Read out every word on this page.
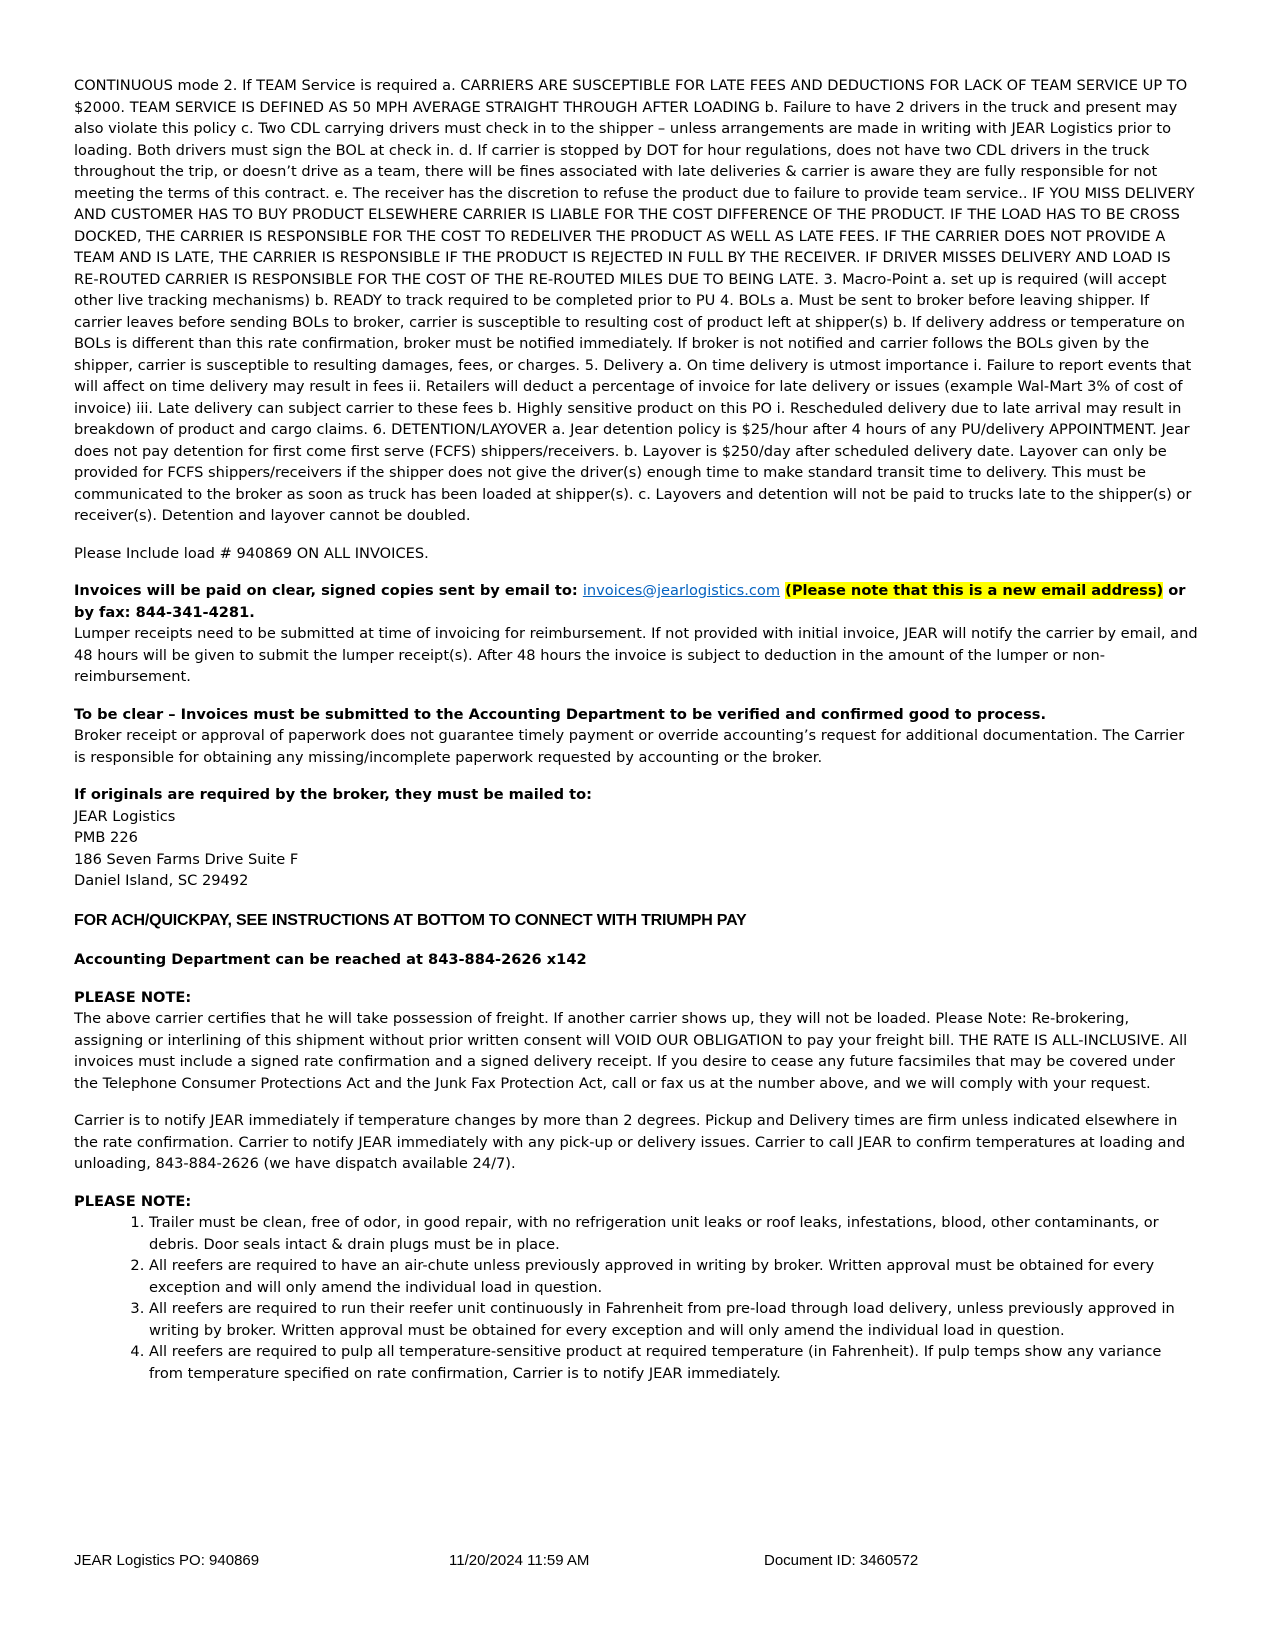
CONTINUOUS mode 2. If TEAM Service is required a. CARRIERS ARE SUSCEPTIBLE FOR LATE FEES AND DEDUCTIONS FOR LACK OF TEAM SERVICE UP TO $2000. TEAM SERVICE IS DEFINED AS 50 MPH AVERAGE STRAIGHT THROUGH AFTER LOADING b. Failure to have 2 drivers in the truck and present may also violate this policy c. Two CDL carrying drivers must check in to the shipper – unless arrangements are made in writing with JEAR Logistics prior to loading. Both drivers must sign the BOL at check in. d. If carrier is stopped by DOT for hour regulations, does not have two CDL drivers in the truck throughout the trip, or doesn’t drive as a team, there will be fines associated with late deliveries & carrier is aware they are fully responsible for not meeting the terms of this contract. e. The receiver has the discretion to refuse the product due to failure to provide team service.. IF YOU MISS DELIVERY AND CUSTOMER HAS TO BUY PRODUCT ELSEWHERE CARRIER IS LIABLE FOR THE COST DIFFERENCE OF THE PRODUCT. IF THE LOAD HAS TO BE CROSS DOCKED, THE CARRIER IS RESPONSIBLE FOR THE COST TO REDELIVER THE PRODUCT AS WELL AS LATE FEES. IF THE CARRIER DOES NOT PROVIDE A TEAM AND IS LATE, THE CARRIER IS RESPONSIBLE IF THE PRODUCT IS REJECTED IN FULL BY THE RECEIVER. IF DRIVER MISSES DELIVERY AND LOAD IS RE-ROUTED CARRIER IS RESPONSIBLE FOR THE COST OF THE RE-ROUTED MILES DUE TO BEING LATE. 3. Macro-Point a. set up is required (will accept other live tracking mechanisms) b. READY to track required to be completed prior to PU 4. BOLs a. Must be sent to broker before leaving shipper. If carrier leaves before sending BOLs to broker, carrier is susceptible to resulting cost of product left at shipper(s) b. If delivery address or temperature on BOLs is different than this rate confirmation, broker must be notified immediately. If broker is not notified and carrier follows the BOLs given by the shipper, carrier is susceptible to resulting damages, fees, or charges. 5. Delivery a. On time delivery is utmost importance i. Failure to report events that will affect on time delivery may result in fees ii. Retailers will deduct a percentage of invoice for late delivery or issues (example Wal-Mart 3% of cost of invoice) iii. Late delivery can subject carrier to these fees b. Highly sensitive product on this PO i. Rescheduled delivery due to late arrival may result in breakdown of product and cargo claims. 6. DETENTION/LAYOVER a. Jear detention policy is $25/hour after 4 hours of any PU/delivery APPOINTMENT. Jear does not pay detention for first come first serve (FCFS) shippers/receivers. b. Layover is $250/day after scheduled delivery date. Layover can only be provided for FCFS shippers/receivers if the shipper does not give the driver(s) enough time to make standard transit time to delivery. This must be communicated to the broker as soon as truck has been loaded at shipper(s). c. Layovers and detention will not be paid to trucks late to the shipper(s) or receiver(s). Detention and layover cannot be doubled.

Please Include load # 940869 ON ALL INVOICES.

Invoices will be paid on clear, signed copies sent by email to: invoices@jearlogistics.com (Please note that this is a new email address) or by fax: 844-341-4281.

Lumper receipts need to be submitted at time of invoicing for reimbursement. If not provided with initial invoice, JEAR will notify the carrier by email, and 48 hours will be given to submit the lumper receipt(s). After 48 hours the invoice is subject to deduction in the amount of the lumper or non-reimbursement.

To be clear – Invoices must be submitted to the Accounting Department to be verified and confirmed good to process.

Broker receipt or approval of paperwork does not guarantee timely payment or override accounting’s request for additional documentation. The Carrier is responsible for obtaining any missing/incomplete paperwork requested by accounting or the broker.

If originals are required by the broker, they must be mailed to:

JEAR Logistics

PMB 226

186 Seven Farms Drive Suite F

Daniel Island, SC 29492

FOR ACH/QUICKPAY, SEE INSTRUCTIONS AT BOTTOM TO CONNECT WITH TRIUMPH PAY

Accounting Department can be reached at 843-884-2626 x142

PLEASE NOTE:

The above carrier certifies that he will take possession of freight. If another carrier shows up, they will not be loaded. Please Note: Re-brokering, assigning or interlining of this shipment without prior written consent will VOID OUR OBLIGATION to pay your freight bill. THE RATE IS ALL-INCLUSIVE. All invoices must include a signed rate confirmation and a signed delivery receipt. If you desire to cease any future facsimiles that may be covered under the Telephone Consumer Protections Act and the Junk Fax Protection Act, call or fax us at the number above, and we will comply with your request.

Carrier is to notify JEAR immediately if temperature changes by more than 2 degrees. Pickup and Delivery times are firm unless indicated elsewhere in the rate confirmation. Carrier to notify JEAR immediately with any pick-up or delivery issues. Carrier to call JEAR to confirm temperatures at loading and unloading, 843-884-2626 (we have dispatch available 24/7).

PLEASE NOTE:

1. Trailer must be clean, free of odor, in good repair, with no refrigeration unit leaks or roof leaks, infestations, blood, other contaminants, or debris. Door seals intact & drain plugs must be in place.
2. All reefers are required to have an air-chute unless previously approved in writing by broker. Written approval must be obtained for every exception and will only amend the individual load in question.
3. All reefers are required to run their reefer unit continuously in Fahrenheit from pre-load through load delivery, unless previously approved in writing by broker. Written approval must be obtained for every exception and will only amend the individual load in question.
4. All reefers are required to pulp all temperature-sensitive product at required temperature (in Fahrenheit). If pulp temps show any variance from temperature specified on rate confirmation, Carrier is to notify JEAR immediately.
JEAR Logistics PO: 940869	11/20/2024 11:59 AM	Document ID: 3460572
